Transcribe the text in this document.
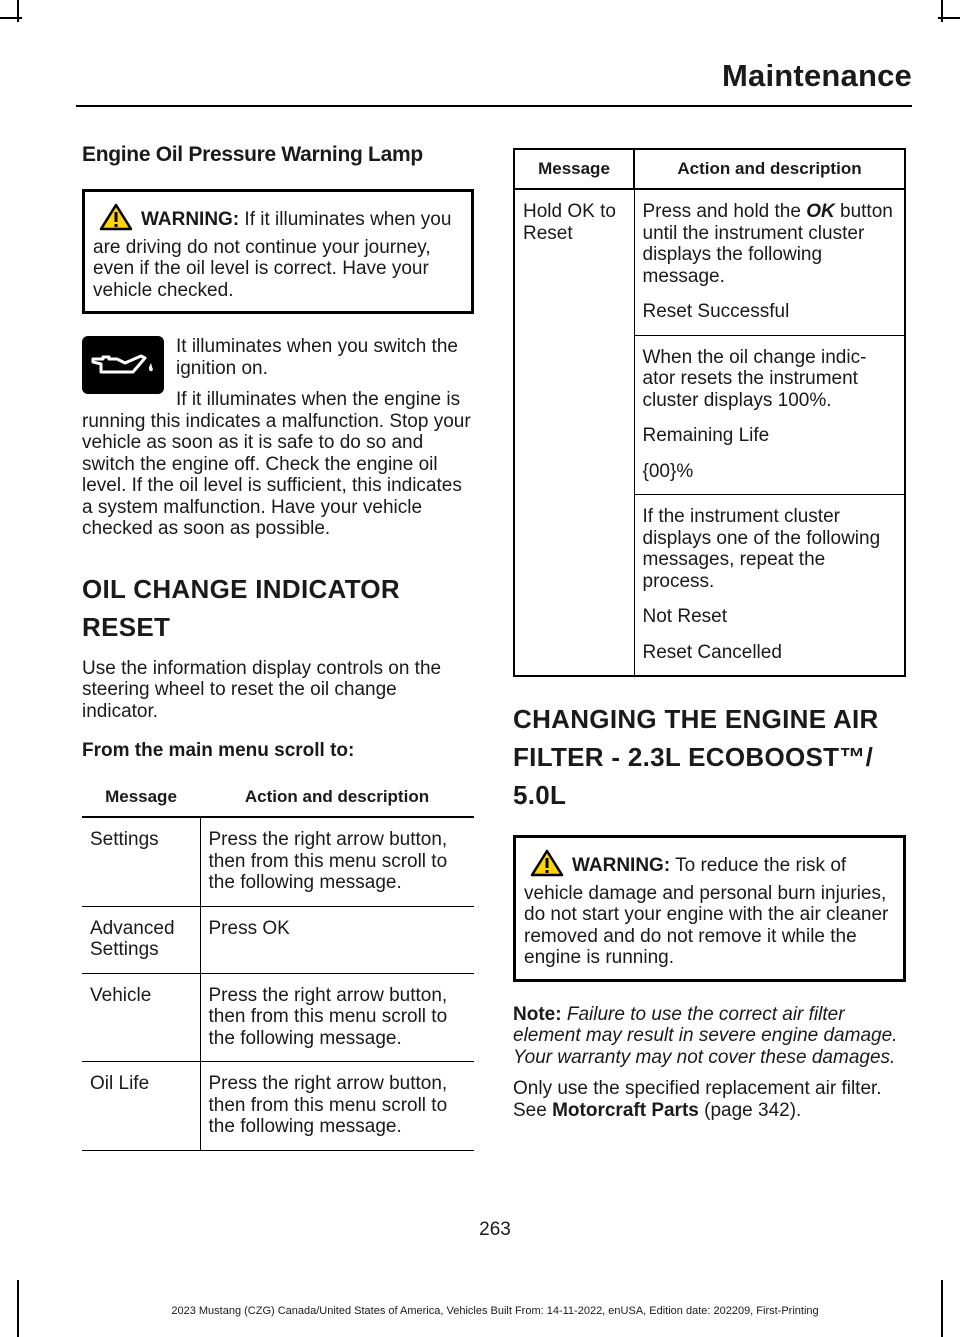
Maintenance
Engine Oil Pressure Warning Lamp
WARNING: If it illuminates when you are driving do not continue your journey, even if the oil level is correct. Have your vehicle checked.

It illuminates when you switch the ignition on.

If it illuminates when the engine is running this indicates a malfunction. Stop your vehicle as soon as it is safe to do so and switch the engine off. Check the engine oil level. If the oil level is sufficient, this indicates a system malfunction. Have your vehicle checked as soon as possible.

OIL CHANGE INDICATOR
RESET

Use the information display controls on the steering wheel to reset the oil change indicator.

From the main menu scroll to:
Message	Action and description
Settings	Press the right arrow button, then from this menu scroll to the following message.
Advanced Settings	Press OK
Vehicle	Press the right arrow button, then from this menu scroll to the following message.
Oil Life	Press the right arrow button, then from this menu scroll to the following message.
Message	Action and description
Hold OK to Reset	Press and hold the OK button until the instrument cluster displays the following message.

Reset Successful

	When the oil change indic-ator resets the instrument cluster displays 100%.

Remaining Life

{00}%

	If the instrument cluster displays one of the following messages, repeat the process.

Not Reset

Reset Cancelled

CHANGING THE ENGINE AIR
FILTER - 2.3L ECOBOOST™/
5.0L
WARNING: To reduce the risk of vehicle damage and personal burn injuries, do not start your engine with the air cleaner removed and do not remove it while the engine is running.

Note: Failure to use the correct air filter element may result in severe engine damage. Your warranty may not cover these damages.

Only use the specified replacement air filter. See Motorcraft Parts (page 342).

263
2023 Mustang (CZG) Canada/United States of America, Vehicles Built From: 14-11-2022, enUSA, Edition date: 202209, First-Printing
